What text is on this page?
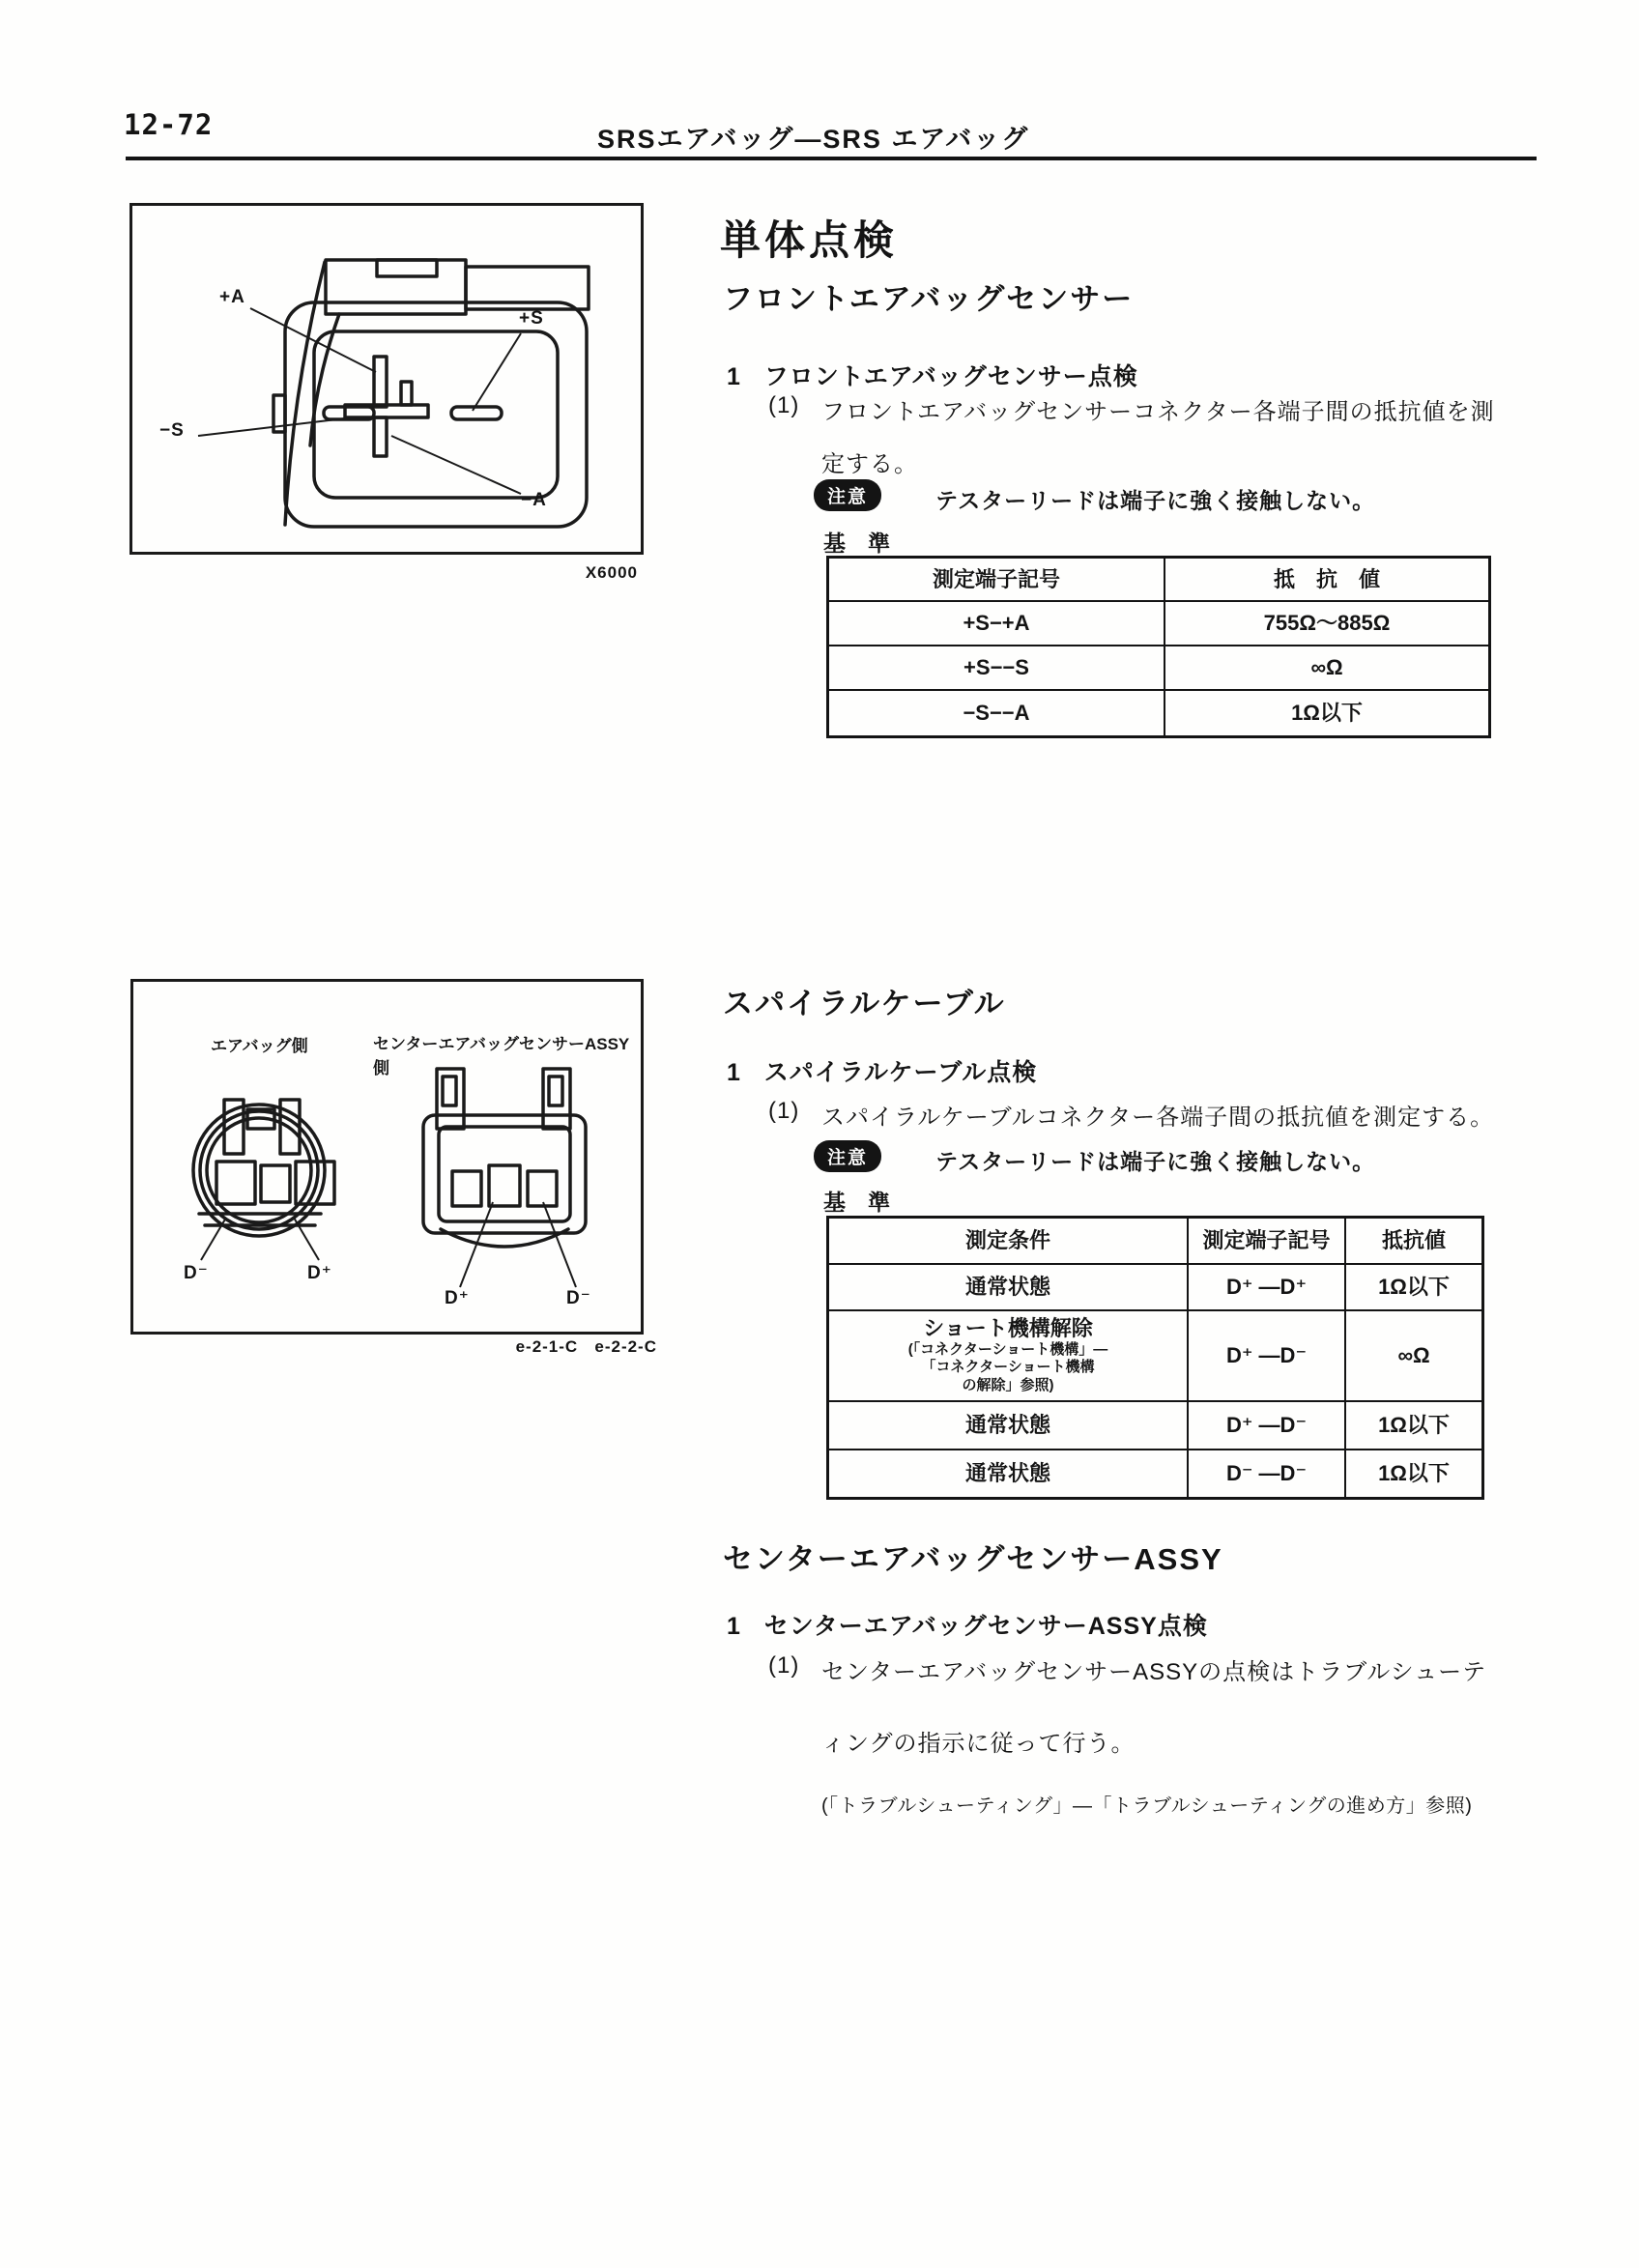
12-72	SRSエアバッグ—SRS エアバッグ
+A
+S
−S
−A
X6000
エアバッグ側	センターエアバッグセンサーASSY側
D⁻	D⁺
D⁺	D⁻
e-2-1-C e-2-2-C
単体点検
フロントエアバッグセンサー
1 フロントエアバッグセンサー点検
(1) フロントエアバッグセンサーコネクター各端子間の抵抗値を測
定する。
注意	テスターリードは端子に強く接触しない。
基　準
測定端子記号	抵　抗　値
+S−+A	755Ω～885Ω
+S−−S	∞Ω
−S−−A	1Ω以下
スパイラルケーブル
1 スパイラルケーブル点検
(1) スパイラルケーブルコネクター各端子間の抵抗値を測定する。
注意	テスターリードは端子に強く接触しない。
基　準
測定条件	測定端子記号	抵抗値
通常状態	D⁺ —D⁺	1Ω以下
ショート機構解除
(「コネクターショート機構」—
「コネクターショート機構
の解除」参照)
D⁺ —D⁻	∞Ω
通常状態	D⁺ —D⁻	1Ω以下
通常状態	D⁻ —D⁻	1Ω以下
センターエアバッグセンサーASSY
1 センターエアバッグセンサーASSY点検
(1) センターエアバッグセンサーASSYの点検はトラブルシューテ
ィングの指示に従って行う。
(「トラブルシューティング」—「トラブルシューティングの進め方」参照)
